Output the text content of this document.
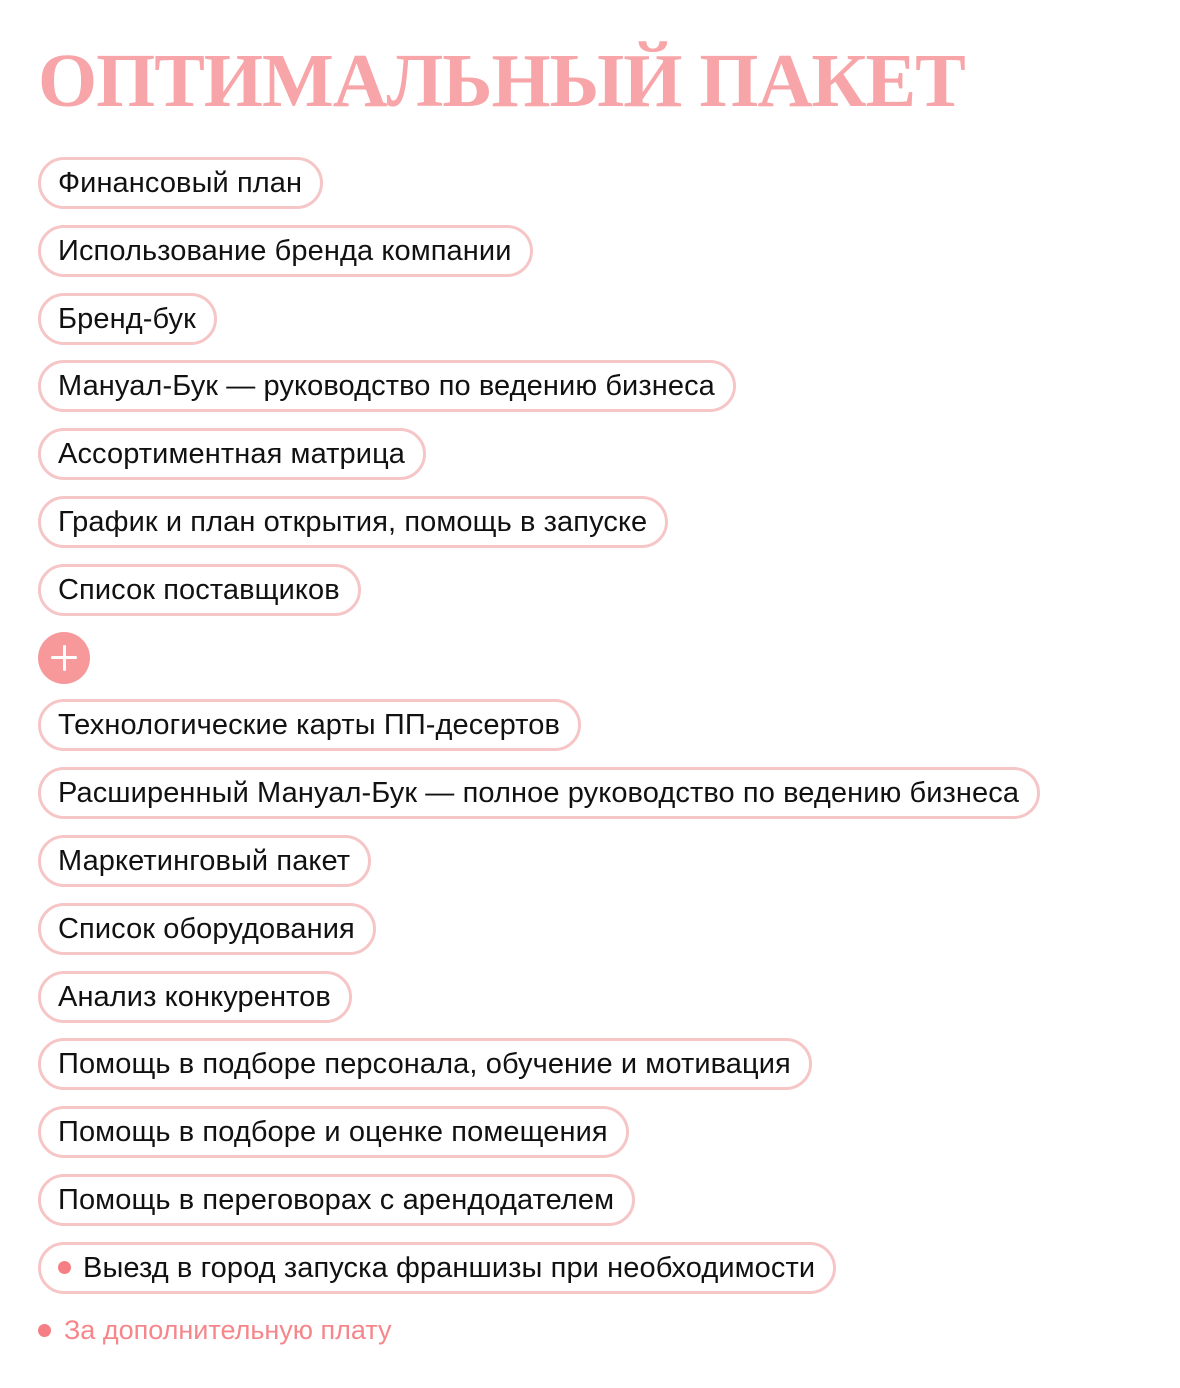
ОПТИМАЛЬНЫЙ ПАКЕТ
Финансовый план
Использование бренда компании
Бренд-бук
Мануал-Бук — руководство по ведению бизнеса
Ассортиментная матрица
График и план открытия, помощь в запуске
Список поставщиков
Технологические карты ПП-десертов
Расширенный Мануал-Бук — полное руководство по ведению бизнеса
Маркетинговый пакет
Список оборудования
Анализ конкурентов
Помощь в подборе персонала, обучение и мотивация
Помощь в подборе и оценке помещения
Помощь в переговорах с арендодателем
Выезд в город запуска франшизы при необходимости
За дополнительную плату
